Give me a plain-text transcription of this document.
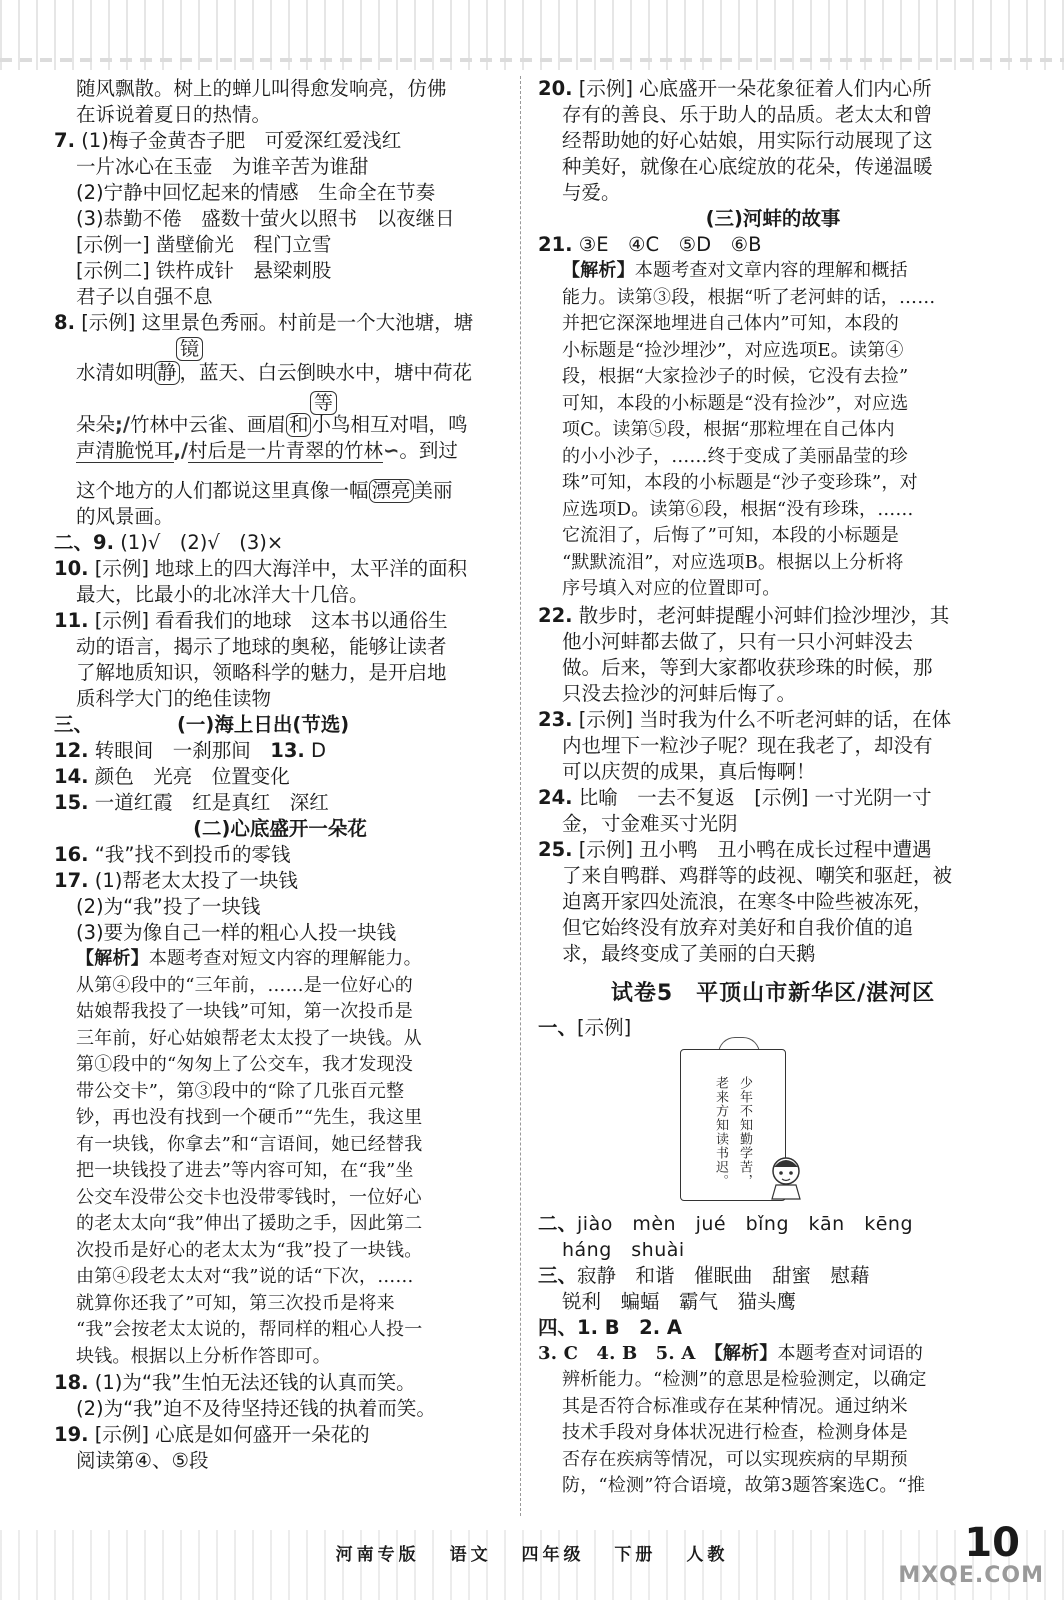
随风飘散。树上的蝉儿叫得愈发响亮，仿佛
在诉说着夏日的热情。
7. (1)梅子金黄杏子肥　可爱深红爱浅红
一片冰心在玉壶　为谁辛苦为谁甜
(2)宁静中回忆起来的情感　生命全在节奏
(3)恭勤不倦　盛数十萤火以照书　以夜继日
[示例一] 凿壁偷光　程门立雪
[示例二] 铁杵成针　悬梁刺股
君子以自强不息
8. [示例] 这里景色秀丽。村前是一个大池塘，塘
镜
水清如明 静 ，蓝天、白云倒映水中，塘中荷花
等
朵朵;/竹林中云雀、画眉 和 小鸟相互对唱，鸣
声清脆悦耳,/村后是一片青翠的竹林∽。到过
这个地方的人们都说这里真像一幅 漂亮 美丽
的风景画。
二、9. (1)√　(2)√　(3)×
10. [示例] 地球上的四大海洋中，太平洋的面积
最大，比最小的北冰洋大十几倍。
11. [示例] 看看我们的地球　这本书以通俗生
动的语言，揭示了地球的奥秘，能够让读者
了解地质知识，领略科学的魅力，是开启地
质科学大门的绝佳读物
三、	(一)海上日出(节选)
12. 转眼间　一刹那间　 13. D
14. 颜色　光亮　位置变化
15. 一道红霞　红是真红　深红
(二)心底盛开一朵花
16. “我”找不到投币的零钱
17. (1)帮老太太投了一块钱
(2)为“我”投了一块钱
(3)要为像自己一样的粗心人投一块钱
【解析】本题考查对短文内容的理解能力。
从第④段中的“三年前，……是一位好心的
姑娘帮我投了一块钱”可知，第一次投币是
三年前，好心姑娘帮老太太投了一块钱。从
第①段中的“匆匆上了公交车，我才发现没
带公交卡”，第③段中的“除了几张百元整
钞，再也没有找到一个硬币”“先生，我这里
有一块钱，你拿去”和“言语间，她已经替我
把一块钱投了进去”等内容可知，在“我”坐
公交车没带公交卡也没带零钱时，一位好心
的老太太向“我”伸出了援助之手，因此第二
次投币是好心的老太太为“我”投了一块钱。
由第④段老太太对“我”说的话“下次，……
就算你还我了”可知，第三次投币是将来
“我”会按老太太说的，帮同样的粗心人投一
块钱。根据以上分析作答即可。
18. (1)为“我”生怕无法还钱的认真而笑。
(2)为“我”迫不及待坚持还钱的执着而笑。
19. [示例] 心底是如何盛开一朵花的
阅读第④、⑤段
20. [示例] 心底盛开一朵花象征着人们内心所
存有的善良、乐于助人的品质。老太太和曾
经帮助她的好心姑娘，用实际行动展现了这
种美好，就像在心底绽放的花朵，传递温暖
与爱。
(三)河蚌的故事
21. ③E　④C　⑤D　⑥B
【解析】本题考查对文章内容的理解和概括
能力。读第③段，根据“听了老河蚌的话，……
并把它深深地埋进自己体内”可知，本段的
小标题是“捡沙埋沙”，对应选项E。读第④
段，根据“大家捡沙子的时候，它没有去捡”
可知，本段的小标题是“没有捡沙”，对应选
项C。读第⑤段，根据“那粒埋在自己体内
的小小沙子，……终于变成了美丽晶莹的珍
珠”可知，本段的小标题是“沙子变珍珠”，对
应选项D。读第⑥段，根据“没有珍珠，……
它流泪了，后悔了”可知，本段的小标题是
“默默流泪”，对应选项B。根据以上分析将
序号填入对应的位置即可。
22. 散步时，老河蚌提醒小河蚌们捡沙埋沙，其
他小河蚌都去做了，只有一只小河蚌没去
做。后来，等到大家都收获珍珠的时候，那
只没去捡沙的河蚌后悔了。
23. [示例] 当时我为什么不听老河蚌的话，在体
内也埋下一粒沙子呢？现在我老了，却没有
可以庆贺的成果，真后悔啊！
24. 比喻　一去不复返　[示例] 一寸光阴一寸
金，寸金难买寸光阴
25. [示例] 丑小鸭　丑小鸭在成长过程中遭遇
了来自鸭群、鸡群等的歧视、嘲笑和驱赶，被
迫离开家四处流浪，在寒冬中险些被冻死，
但它始终没有放弃对美好和自我价值的追
求，最终变成了美丽的白天鹅
试卷5　平顶山市新华区/湛河区
一、[示例]
少年不知勤学苦，
老来方知读书迟。
二、jiào　mèn　jué　bǐng　kān　kēng
háng　shuài
三、寂静　和谐　催眠曲　甜蜜　慰藉
锐利　蝙蝠　霸气　猫头鹰
四、1. B　2. A
3. C　4. B　5. A　 【解析】本题考查对词语的
辨析能力。“检测”的意思是检验测定，以确定
其是否符合标准或存在某种情况。通过纳米
技术手段对身体状况进行检查，检测身体是
否存在疾病等情况，可以实现疾病的早期预
防，“检测”符合语境，故第3题答案选C。“推
河南专版 语文 四年级 下册 人教	10
MXQE.COM
